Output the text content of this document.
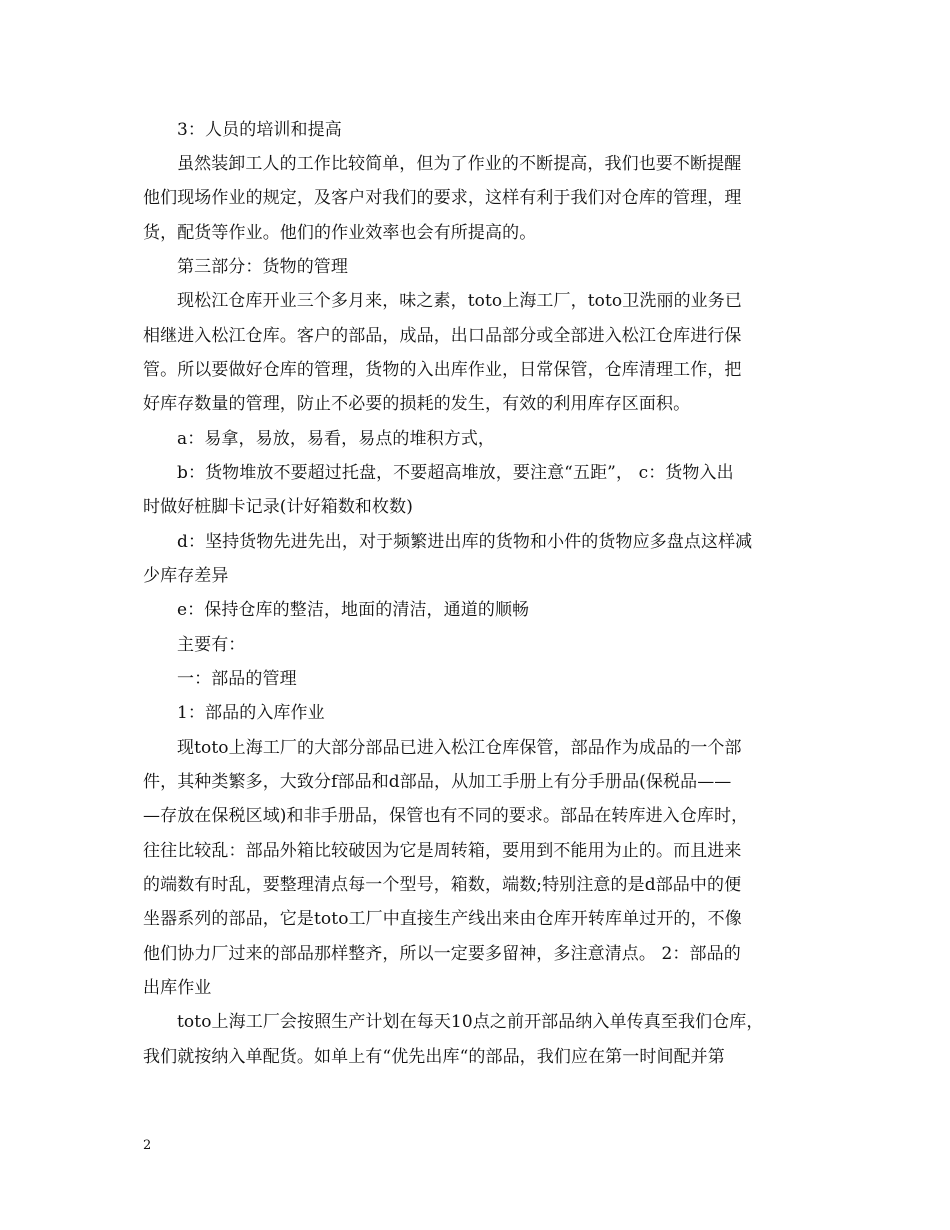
3：人员的培训和提高
虽然装卸工人的工作比较简单，但为了作业的不断提高，我们也要不断提醒
他们现场作业的规定，及客户对我们的要求，这样有利于我们对仓库的管理，理
货，配货等作业。他们的作业效率也会有所提高的。
第三部分：货物的管理
现松江仓库开业三个多月来，味之素，toto上海工厂，toto卫洗丽的业务已
相继进入松江仓库。客户的部品，成品，出口品部分或全部进入松江仓库进行保
管。所以要做好仓库的管理，货物的入出库作业，日常保管，仓库清理工作，把
好库存数量的管理，防止不必要的损耗的发生，有效的利用库存区面积。
a：易拿，易放，易看，易点的堆积方式，
b：货物堆放不要超过托盘，不要超高堆放，要注意“五距”， c：货物入出
时做好桩脚卡记录(计好箱数和枚数)
d：坚持货物先进先出，对于频繁进出库的货物和小件的货物应多盘点这样减
少库存差异
e：保持仓库的整洁，地面的清洁，通道的顺畅
主要有：
一：部品的管理
1：部品的入库作业
现toto上海工厂的大部分部品已进入松江仓库保管，部品作为成品的一个部
件，其种类繁多，大致分f部品和d部品，从加工手册上有分手册品(保税品——
—存放在保税区域)和非手册品，保管也有不同的要求。部品在转库进入仓库时，
往往比较乱：部品外箱比较破因为它是周转箱，要用到不能用为止的。而且进来
的端数有时乱，要整理清点每一个型号，箱数，端数;特别注意的是d部品中的便
坐器系列的部品，它是toto工厂中直接生产线出来由仓库开转库单过开的，不像
他们协力厂过来的部品那样整齐，所以一定要多留神，多注意清点。 2：部品的
出库作业
toto上海工厂会按照生产计划在每天10点之前开部品纳入单传真至我们仓库，
我们就按纳入单配货。如单上有“优先出库“的部品，我们应在第一时间配并第
2
